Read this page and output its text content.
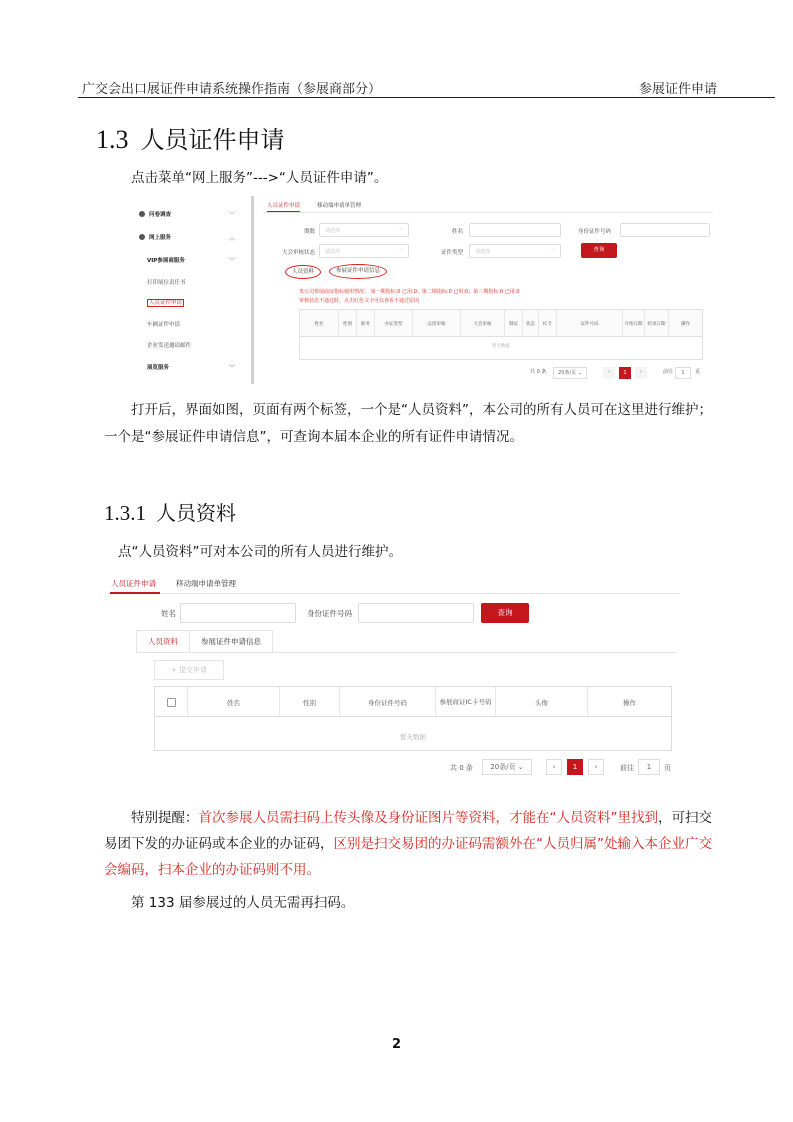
广交会出口展证件申请系统操作指南（参展商部分）	参展证件申请
1.3 人员证件申请
点击菜单“网上服务”--->“人员证件申请”。
问卷调查	﹀
网上服务	︿
VIP参展商服务	﹀
打印展位责任书
人员证件申请
车辆证件申请
企业发送邀请邮件
展览服务	﹀
人员证件申请	移动端申请单管理
期数	请选择	﹀	姓名	身份证件号码
大会审核状态	请选择	﹀	证件类型	请选择	﹀	查询
人员资料	参展证件申请信息
贵公司参展商证指标使用情况： 第一期指标:0 已用:0；第二期指标:0 已用:0；第三期指标:0 已用:0
审核状态不通过时，点击红色文字可以查看不通过原因
姓名	性别	职务	办证类型	总团审核	大会审核	制证	状态	IC卡	证件号码	开始日期	结束日期	操作
暂无数据
共 0 条	20条/页 ⌄	‹	1	›	前往	1	页
打开后，界面如图，页面有两个标签，一个是“人员资料”，本公司的所有人员可在这里进行维护；
一个是“参展证件申请信息”，可查询本届本企业的所有证件申请情况。
1.3.1 人员资料
点“人员资料”可对本公司的所有人员进行维护。
人员证件申请	移动端申请单管理
姓名	身份证件号码	查询
人员资料	参展证件申请信息
+ 提交申请
姓名	性别	身份证件号码	参展商证IC卡号码	头像	操作
暂无数据
共 0 条	20条/页 ⌄	‹	1	›	前往	1	页
特别提醒：首次参展人员需扫码上传头像及身份证图片等资料，才能在“人员资料”里找到，可扫交
易团下发的办证码或本企业的办证码，区别是扫交易团的办证码需额外在“人员归属”处输入本企业广交
会编码，扫本企业的办证码则不用。
第 133 届参展过的人员无需再扫码。
2
